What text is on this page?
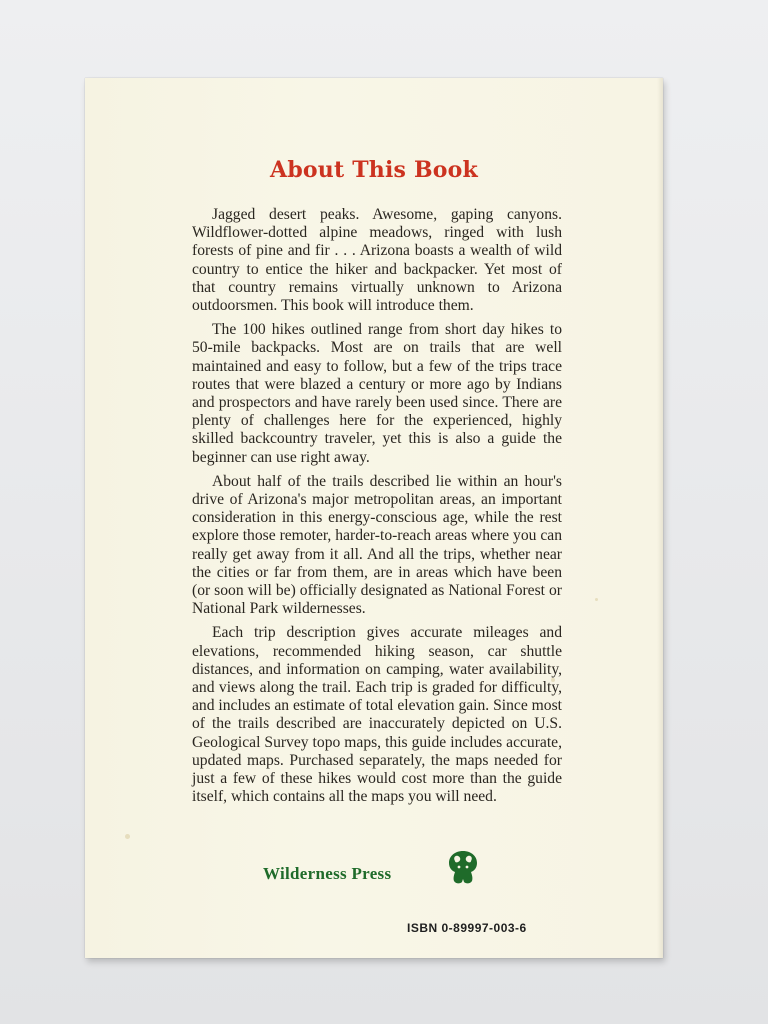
About This Book

Jagged desert peaks. Awesome, gaping canyons. Wildflower-dotted alpine meadows, ringed with lush forests of pine and fir . . . Arizona boasts a wealth of wild country to entice the hiker and backpacker. Yet most of that country remains virtually unknown to Arizona outdoorsmen. This book will introduce them.

The 100 hikes outlined range from short day hikes to 50-mile backpacks. Most are on trails that are well maintained and easy to follow, but a few of the trips trace routes that were blazed a century or more ago by Indians and prospectors and have rarely been used since. There are plenty of challenges here for the experienced, highly skilled backcountry traveler, yet this is also a guide the beginner can use right away.

About half of the trails described lie within an hour's drive of Arizona's major metropolitan areas, an important consideration in this energy-conscious age, while the rest explore those remoter, harder-to-reach areas where you can really get away from it all. And all the trips, whether near the cities or far from them, are in areas which have been (or soon will be) officially designated as National Forest or National Park wildernesses.

Each trip description gives accurate mileages and elevations, recommended hiking season, car shuttle distances, and information on camping, water availability, and views along the trail. Each trip is graded for difficulty, and includes an estimate of total elevation gain. Since most of the trails described are inaccurately depicted on U.S. Geological Survey topo maps, this guide includes accurate, updated maps. Purchased separately, the maps needed for just a few of these hikes would cost more than the guide itself, which contains all the maps you will need.

Wilderness Press
ISBN 0-89997-003-6
